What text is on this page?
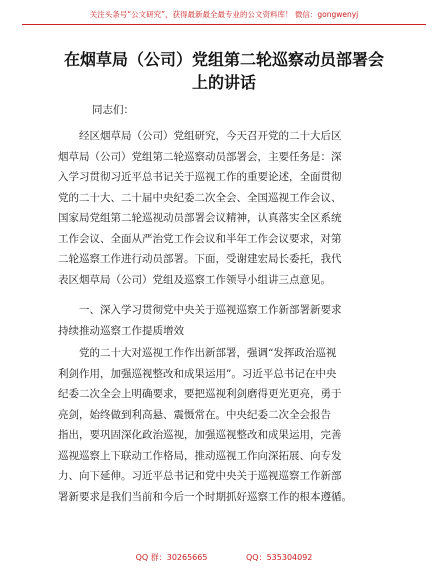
关注头条号“公文研究”，获得最新最全最专业的公文资料库！ 微信：gongwenyj
在烟草局（公司）党组第二轮巡察动员部署会
上的讲话
同志们：
　　经区烟草局（公司）党组研究，今天召开党的二十大后区
烟草局（公司）党组第二轮巡察动员部署会，主要任务是：深
入学习贯彻习近平总书记关于巡视工作的重要论述，全面贯彻
党的二十大、二十届中央纪委二次全会、全国巡视工作会议、
国家局党组第二轮巡视动员部署会议精神，认真落实全区系统
工作会议、全面从严治党工作会议和半年工作会议要求，对第
二轮巡察工作进行动员部署。下面，受谢建宏局长委托，我代
表区烟草局（公司）党组及巡察工作领导小组讲三点意见。
　　一、深入学习贯彻党中央关于巡视巡察工作新部署新要求
持续推动巡察工作提质增效
　　党的二十大对巡视工作作出新部署，强调“发挥政治巡视
利剑作用，加强巡视整改和成果运用”。习近平总书记在中央
纪委二次全会上明确要求，要把巡视利剑磨得更光更亮，勇于
亮剑，始终做到利高悬、震慑常在。中央纪委二次全会报告
指出，要巩固深化政治巡视，加强巡视整改和成果运用，完善
巡视巡察上下联动工作格局，推动巡视工作向深拓展、向专发
力、向下延伸。习近平总书记和党中央关于巡视巡察工作新部
署新要求是我们当前和今后一个时期抓好巡察工作的根本遵循。
QQ 群：30265665	QQ：535304092
